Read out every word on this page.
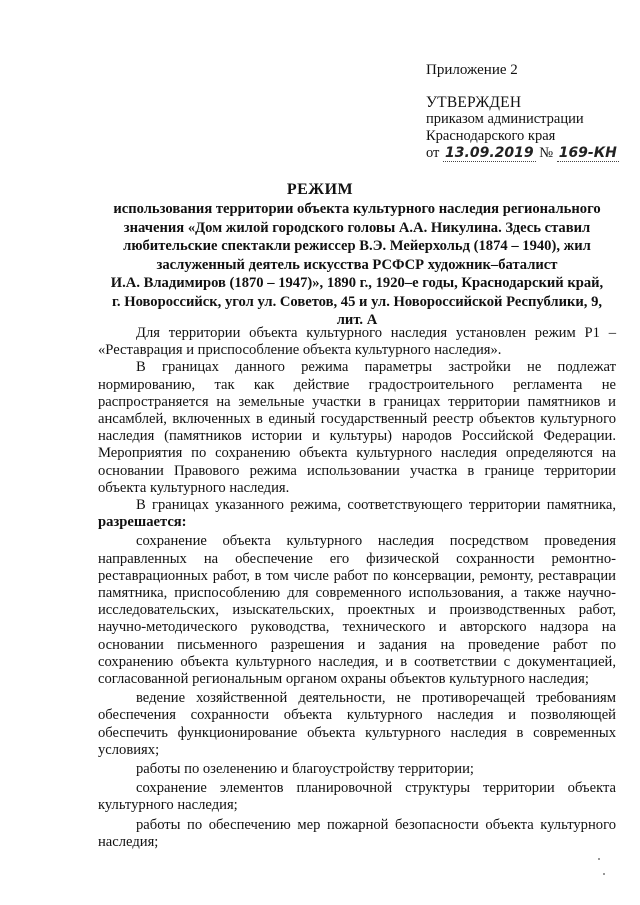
Приложение 2
УТВЕРЖДЕН
приказом администрации
Краснодарского края
от 13.09.2019 № 169-КН
РЕЖИМ
использования территории объекта культурного наследия регионального
значения «Дом жилой городского головы А.А. Никулина. Здесь ставил
любительские спектакли режиссер В.Э. Мейерхольд (1874 – 1940), жил
заслуженный деятель искусства РСФСР художник–баталист
И.А. Владимиров (1870 – 1947)», 1890 г., 1920–е годы, Краснодарский край,
г. Новороссийск, угол ул. Советов, 45 и ул. Новороссийской Республики, 9,
лит. А

Для территории объекта культурного наследия установлен режим Р1 – «Реставрация и приспособление объекта культурного наследия».

В границах данного режима параметры застройки не подлежат нормированию, так как действие градостроительного регламента не распространяется на земельные участки в границах территории памятников и ансамблей, включенных в единый государственный реестр объектов культурного наследия (памятников истории и культуры) народов Российской Федерации. Мероприятия по сохранению объекта культурного наследия определяются на основании Правового режима использовании участка в границе территории объекта культурного наследия.

В границах указанного режима, соответствующего территории памятника, разрешается:

сохранение объекта культурного наследия посредством проведения направленных на обеспечение его физической сохранности ремонтно-реставрационных работ, в том числе работ по консервации, ремонту, реставрации памятника, приспособлению для современного использования, а также научно-исследовательских, изыскательских, проектных и производственных работ, научно-методического руководства, технического и авторского надзора на основании письменного разрешения и задания на проведение работ по сохранению объекта культурного наследия, и в соответствии с документацией, согласованной региональным органом охраны объектов культурного наследия;

ведение хозяйственной деятельности, не противоречащей требованиям обеспечения сохранности объекта культурного наследия и позволяющей обеспечить функционирование объекта культурного наследия в современных условиях;

работы по озеленению и благоустройству территории;

сохранение элементов планировочной структуры территории объекта культурного наследия;

работы по обеспечению мер пожарной безопасности объекта культурного наследия;
